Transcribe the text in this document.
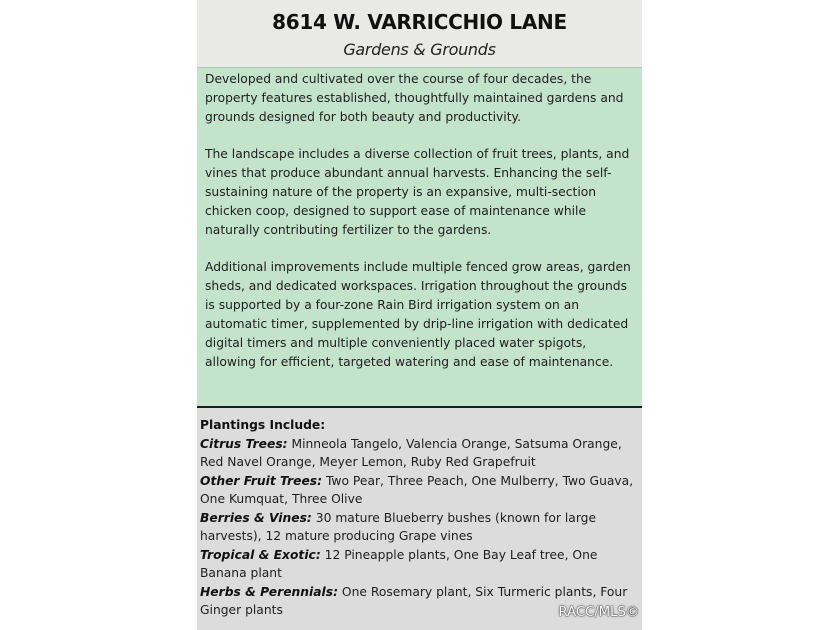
8614 W. VARRICCHIO LANE
Gardens & Grounds

Developed and cultivated over the course of four decades, the property features established, thoughtfully maintained gardens and grounds designed for both beauty and productivity.

The landscape includes a diverse collection of fruit trees, plants, and vines that produce abundant annual harvests. Enhancing the self-sustaining nature of the property is an expansive, multi-section chicken coop, designed to support ease of maintenance while naturally contributing fertilizer to the gardens.

Additional improvements include multiple fenced grow areas, garden sheds, and dedicated workspaces. Irrigation throughout the grounds is supported by a four-zone Rain Bird irrigation system on an automatic timer, supplemented by drip-line irrigation with dedicated digital timers and multiple conveniently placed water spigots, allowing for efficient, targeted watering and ease of maintenance.

Plantings Include:
Citrus Trees: Minneola Tangelo, Valencia Orange, Satsuma Orange, Red Navel Orange, Meyer Lemon, Ruby Red Grapefruit
Other Fruit Trees: Two Pear, Three Peach, One Mulberry, Two Guava, One Kumquat, Three Olive
Berries & Vines: 30 mature Blueberry bushes (known for large harvests), 12 mature producing Grape vines
Tropical & Exotic: 12 Pineapple plants, One Bay Leaf tree, One Banana plant
Herbs & Perennials: One Rosemary plant, Six Turmeric plants, Four Ginger plants	RACC/MLS©
